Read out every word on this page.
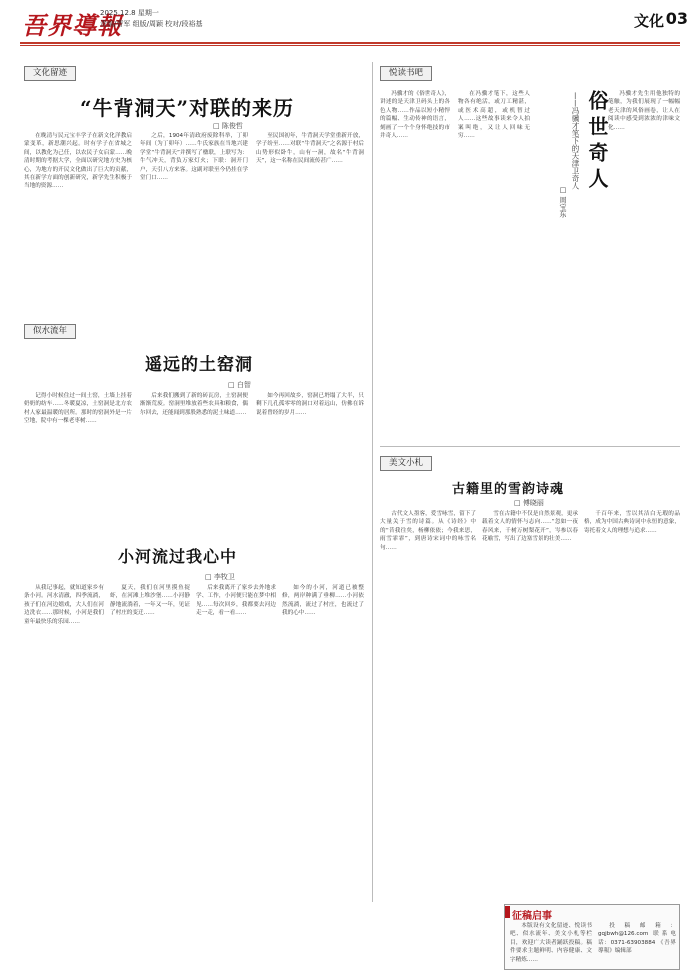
吾界導報
2025.12.8 星期一
责编/曹军 组版/周颖 校对/段裕基	文化 03
文化留迹
“牛背洞天”对联的来历
□ 陈俊哲

在晚清与民元宝丰学子在新文化洋教启蒙变革，新思潮兴起。时有学子在省城之间，以教化为己任，以农民子女启蒙……晚清时期的考据大学，全面以研究地方史为核心，为地方的开民文化做出了巨大的贡献，其在新学方面的创新研究，新学先生积极于当地的资源……

之后，1904年清政府废除科举，丁卯年间（为丁卯年）……牛氏家族在当地兴建学堂“牛背洞天”并撰写了楹联，上联写为：牛气冲天，背负万家灯火；下联：洞开门户，天引八方来客。这副对联至今仍挂在学堂门口……

至民国初年，牛背洞天学堂重新开放，学子纷至……对联“牛背洞天”之名源于村后山势形似卧牛，山有一洞，故名“牛背洞天”，这一名称在民间流传甚广……

似水流年
遥远的土窑洞
□ 白智

记得小时候住过一间土窑，土墙上挂着奶奶的纺车……冬暖夏凉，土窑洞是北方农村人家最温暖的居所。那时的窑洞外是一片空地，院中有一棵老枣树……

后来我们搬到了新的砖瓦房，土窑洞便渐渐荒废。窑洞里堆放着些农具和粮食，偶尔回去，还能闻到那股熟悉的泥土味道……

如今再回故乡，窑洞已坍塌了大半，只剩下几孔孤零零的洞口对着远山，仿佛在诉说着曾经的岁月……

小河流过我心中
□ 李牧卫

从我记事起，就知道家乡有条小河。河水清澈，四季流淌，孩子们在河边嬉戏，大人们在河边洗衣……那时候，小河是我们童年最快乐的乐园……

夏天，我们在河里摸鱼捉虾，在河滩上堆沙堡……小河静静地流淌着，一年又一年，见证了村庄的变迁……

后来我离开了家乡去外地求学、工作，小河便只能在梦中相见……每次回乡，我都要去河边走一走，看一看……

如今的小河，河道已被整修，两岸种满了垂柳……小河依然流淌，流过了村庄，也流过了我的心中……

悦读书吧

冯骥才的《俗世奇人》，讲述的是天津卫码头上的各色人物……作品以短小精悍的篇幅、生动传神的语言，刻画了一个个身怀绝技的市井奇人……

在冯骥才笔下，这些人物各有绝活，或刀工精湛，或医术高超，或机智过人……这些故事读来令人拍案叫绝，又让人回味无穷……	俗世奇人
——冯骥才笔下的天津卫奇人
□ 周宝东

冯骥才先生用他独特的笔触，为我们展现了一幅幅老天津的风俗画卷，让人在阅读中感受到浓浓的津味文化……

美文小札
古籍里的雪韵诗魂
□ 傅晓丽

古代文人墨客，爱雪咏雪，留下了大量关于雪的诗篇。从《诗经》中的“昔我往矣，杨柳依依；今我来思，雨雪霏霏”，到唐诗宋词中的咏雪名句……

雪在古籍中不仅是自然景观，更承载着文人的情怀与志向……“忽如一夜春风来，千树万树梨花开”，岑参以春花喻雪，写出了边塞雪景的壮美……

千百年来，雪以其洁白无瑕的品格，成为中国古典诗词中永恒的意象，寄托着文人的理想与追求……

征稿启事

本版设有文化留迹、悦读书吧、似水流年、美文小札等栏目，欢迎广大读者踊跃投稿。稿件要求主题鲜明、内容健康、文字精炼……

投稿邮箱：gqjbwh@126.com 联系电话：0371-63903884 《吾界導報》编辑部
